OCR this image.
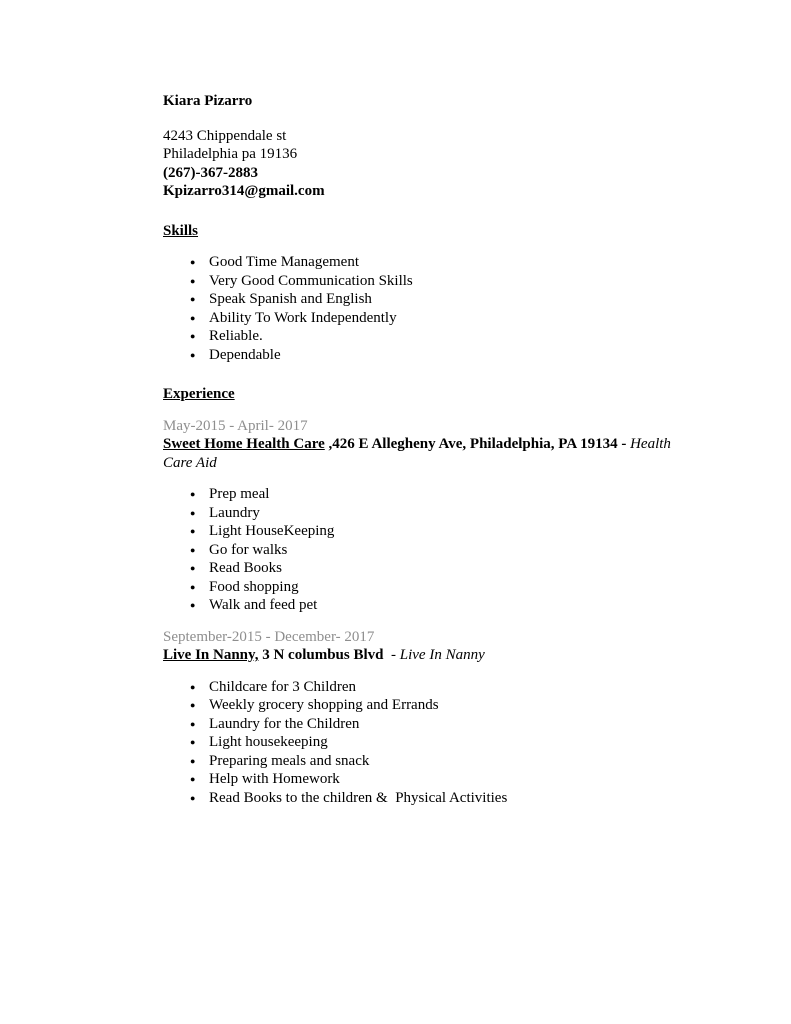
Kiara Pizarro
4243 Chippendale st
Philadelphia pa 19136
(267)-367-2883
Kpizarro314@gmail.com
Skills
● Good Time Management
● Very Good Communication Skills
● Speak Spanish and English
● Ability To Work Independently
● Reliable.
● Dependable
Experience
May-2015 - April- 2017
Sweet Home Health Care ,426 E Allegheny Ave, Philadelphia, PA 19134 - Health Care Aid
● Prep meal
● Laundry
● Light HouseKeeping
● Go for walks
● Read Books
● Food shopping
● Walk and feed pet
September-2015 - December- 2017
Live In Nanny, 3 N columbus Blvd  - Live In Nanny
● Childcare for 3 Children
● Weekly grocery shopping and Errands
● Laundry for the Children
● Light housekeeping
● Preparing meals and snack
● Help with Homework
● Read Books to the children &  Physical Activities
